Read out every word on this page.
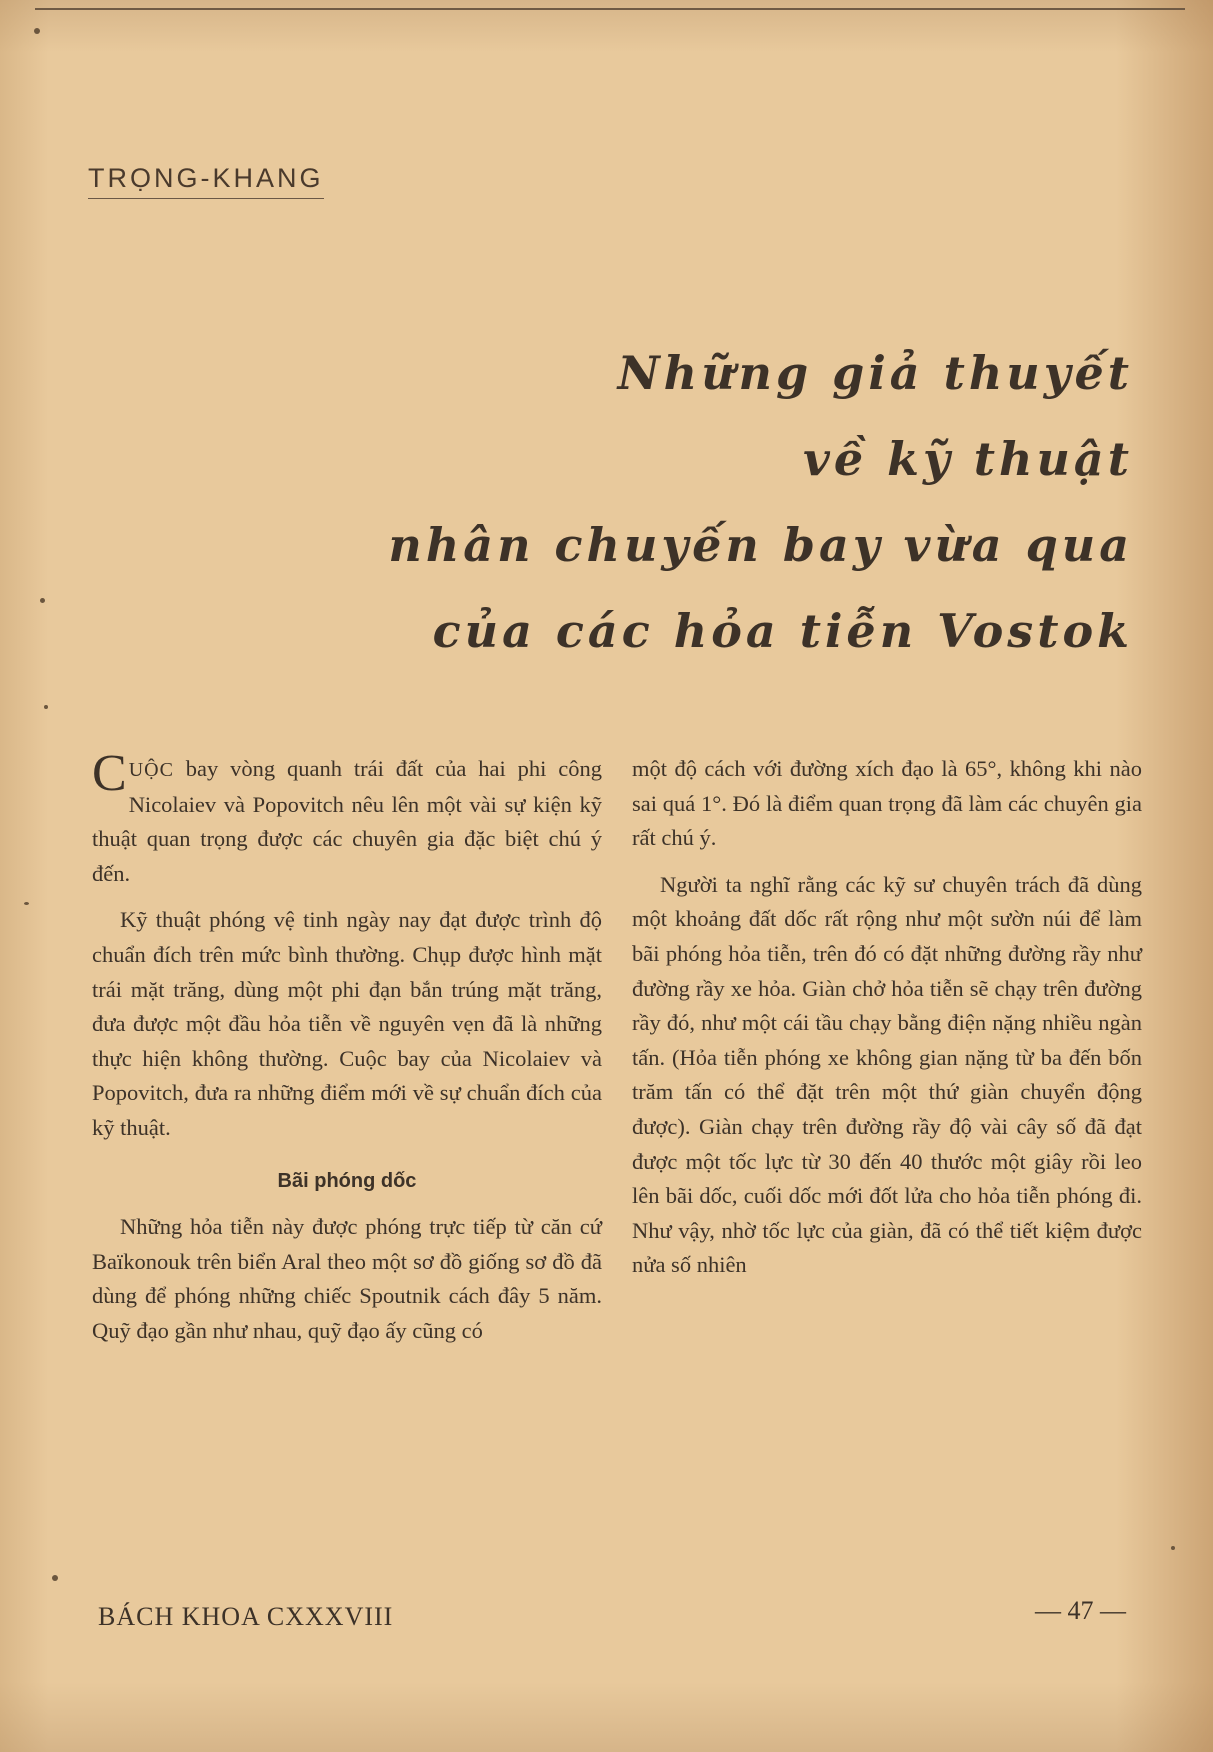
TRỌNG-KHANG
Những giả thuyết
về kỹ thuật
nhân chuyến bay vừa qua
của các hỏa tiễn Vostok

CUỘC bay vòng quanh trái đất của hai phi công Nicolaiev và Popovitch nêu lên một vài sự kiện kỹ thuật quan trọng được các chuyên gia đặc biệt chú ý đến.

Kỹ thuật phóng vệ tinh ngày nay đạt được trình độ chuẩn đích trên mức bình thường. Chụp được hình mặt trái mặt trăng, dùng một phi đạn bắn trúng mặt trăng, đưa được một đầu hỏa tiễn về nguyên vẹn đã là những thực hiện không thường. Cuộc bay của Nicolaiev và Popovitch, đưa ra những điểm mới về sự chuẩn đích của kỹ thuật.

Bãi phóng dốc

Những hỏa tiễn này được phóng trực tiếp từ căn cứ Baïkonouk trên biển Aral theo một sơ đồ giống sơ đồ đã dùng để phóng những chiếc Spoutnik cách đây 5 năm. Quỹ đạo gần như nhau, quỹ đạo ấy cũng có

một độ cách với đường xích đạo là 65°, không khi nào sai quá 1°. Đó là điểm quan trọng đã làm các chuyên gia rất chú ý.

Người ta nghĩ rằng các kỹ sư chuyên trách đã dùng một khoảng đất dốc rất rộng như một sườn núi để làm bãi phóng hỏa tiễn, trên đó có đặt những đường rầy như đường rầy xe hỏa. Giàn chở hỏa tiễn sẽ chạy trên đường rầy đó, như một cái tầu chạy bằng điện nặng nhiều ngàn tấn. (Hỏa tiễn phóng xe không gian nặng từ ba đến bốn trăm tấn có thể đặt trên một thứ giàn chuyển động được). Giàn chạy trên đường rầy độ vài cây số đã đạt được một tốc lực từ 30 đến 40 thước một giây rồi leo lên bãi dốc, cuối dốc mới đốt lửa cho hỏa tiễn phóng đi. Như vậy, nhờ tốc lực của giàn, đã có thể tiết kiệm được nửa số nhiên

BÁCH KHOA CXXXVIII	— 47 —
